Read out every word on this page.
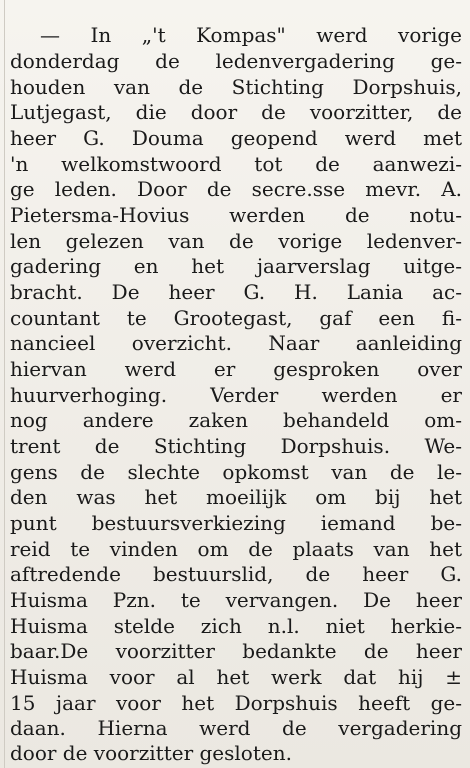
— In „'t Kompas" werd vorige
donderdag de ledenvergadering ge-
houden van de Stichting Dorpshuis,
Lutjegast, die door de voorzitter, de
heer G. Douma geopend werd met
'n welkomstwoord tot de aanwezi-
ge leden. Door de secre.sse mevr. A.
Pietersma-Hovius werden de notu-
len gelezen van de vorige ledenver-
gadering en het jaarverslag uitge-
bracht. De heer G. H. Lania ac-
countant te Grootegast, gaf een fi-
nancieel overzicht. Naar aanleiding
hiervan werd er gesproken over
huurverhoging. Verder werden er
nog andere zaken behandeld om-
trent de Stichting Dorpshuis. We-
gens de slechte opkomst van de le-
den was het moeilijk om bij het
punt bestuursverkiezing iemand be-
reid te vinden om de plaats van het
aftredende bestuurslid, de heer G.
Huisma Pzn. te vervangen. De heer
Huisma stelde zich n.l. niet herkie-
baar.De voorzitter bedankte de heer
Huisma voor al het werk dat hij ±
15 jaar voor het Dorpshuis heeft ge-
daan. Hierna werd de vergadering
door de voorzitter gesloten.
